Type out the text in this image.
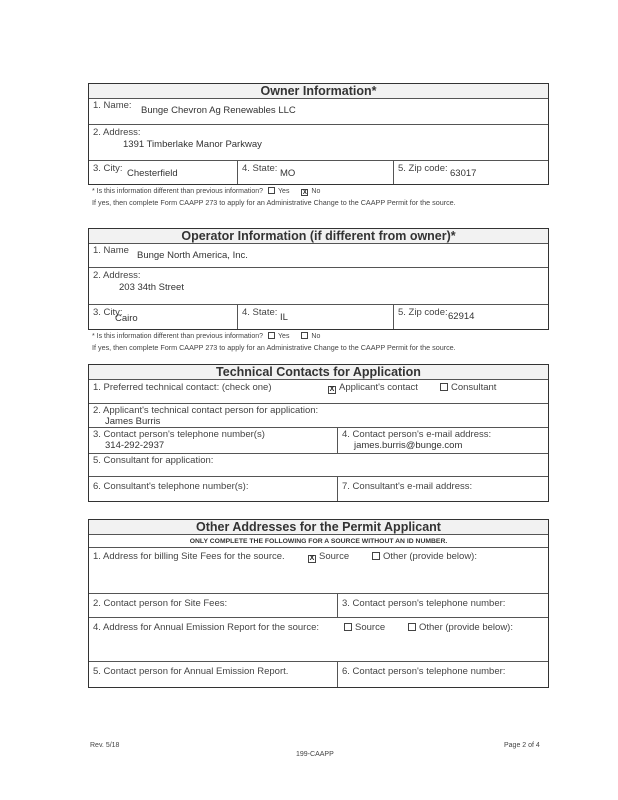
Owner Information*
1. Name: Bunge Chevron Ag Renewables LLC
2. Address:
1391 Timberlake Manor Parkway
3. City: Chesterfield	4. State: MO	5. Zip code: 63017
* Is this information different than previous information? Yes X No
If yes, then complete Form CAAPP 273 to apply for an Administrative Change to the CAAPP Permit for the source.
Operator Information (if different from owner)*
1. Name Bunge North America, Inc.
2. Address:
203 34th Street
3. City:
Cairo
4. State: IL	5. Zip code: 62914
* Is this information different than previous information? Yes	No
If yes, then complete Form CAAPP 273 to apply for an Administrative Change to the CAAPP Permit for the source.
Technical Contacts for Application
1. Preferred technical contact: (check one)	X Applicant's contact	Consultant
2. Applicant's technical contact person for application:
James Burris
3. Contact person's telephone number(s)
314-292-2937
4. Contact person's e-mail address:
james.burris@bunge.com
5. Consultant for application:
6. Consultant's telephone number(s):	7. Consultant's e-mail address:
Other Addresses for the Permit Applicant
ONLY COMPLETE THE FOLLOWING FOR A SOURCE WITHOUT AN ID NUMBER.
1. Address for billing Site Fees for the source.	X Source	Other (provide below):
2. Contact person for Site Fees:	3. Contact person's telephone number:
4. Address for Annual Emission Report for the source:	Source	Other (provide below):
5. Contact person for Annual Emission Report.	6. Contact person's telephone number:
Rev. 5/18	Page 2 of 4
199-CAAPP
